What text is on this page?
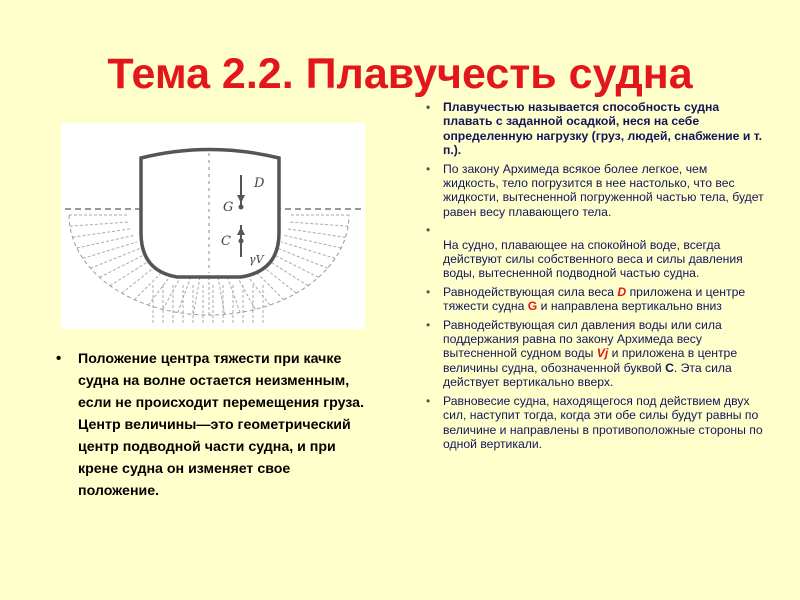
Тема 2.2. Плавучесть судна
D
G
C
γV
• Положение центра тяжести при качке судна на волне остается неизменным, если не происходит перемещения груза. Центр величины—это геометрический центр подводной части судна, и при крене судна он изменяет свое положение.
• Плавучестью называется способность судна плавать с заданной осадкой, неся на себе определенную нагрузку (груз, людей, снабжение и т. п.).
• По закону Архимеда всякое более легкое, чем жидкость, тело погрузится в нее настолько, что вес жидкости, вытесненной погруженной частью тела, будет равен весу плавающего тела.
• На судно, плавающее на спокойной воде, всегда действуют силы собственного веса и силы давления воды, вытесненной подводной частью судна.
• Равнодействующая сила веса D приложена и центре тяжести судна G и направлена вертикально вниз
• Равнодействующая сил давления воды или сила поддержания равна по закону Архимеда весу вытесненной судном воды Vj и приложена в центре величины судна, обозначенной буквой С. Эта сила действует вертикально вверх.
• Равновесие судна, находящегося под действием двух сил, наступит тогда, когда эти обе силы будут равны по величине и направлены в противоположные стороны по одной вертикали.
